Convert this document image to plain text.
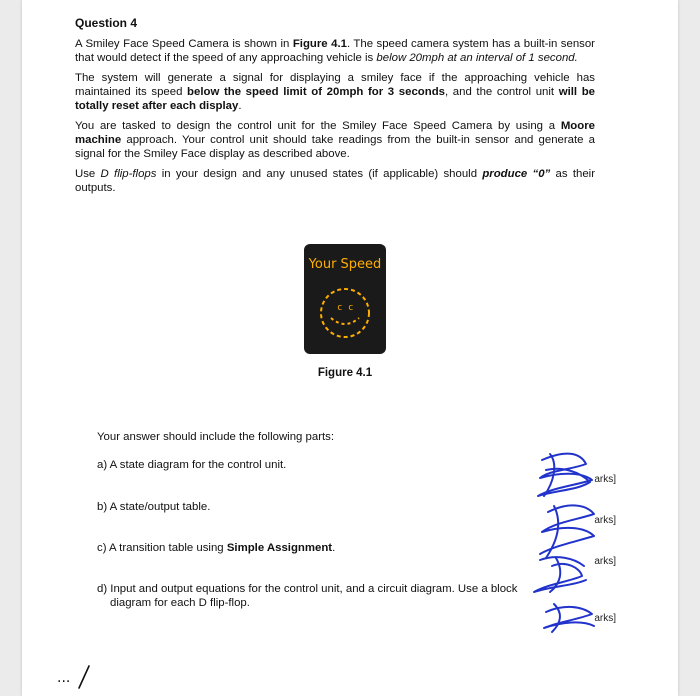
Question 4

A Smiley Face Speed Camera is shown in Figure 4.1. The speed camera system has a built-in sensor that would detect if the speed of any approaching vehicle is below 20mph at an interval of 1 second.

The system will generate a signal for displaying a smiley face if the approaching vehicle has maintained its speed below the speed limit of 20mph for 3 seconds, and the control unit will be totally reset after each display.

You are tasked to design the control unit for the Smiley Face Speed Camera by using a Moore machine approach. Your control unit should take readings from the built-in sensor and generate a signal for the Smiley Face display as described above.

Use D flip-flops in your design and any unused states (if applicable) should produce “0” as their outputs.

Your Speed
c c
Figure 4.1
Your answer should include the following parts:
a) A state diagram for the control unit.
b) A state/output table.
c) A transition table using Simple Assignment.
d) Input and output equations for the control unit, and a circuit diagram. Use a block
diagram for each D flip-flop.
arks]
arks]
arks]
arks]
...
